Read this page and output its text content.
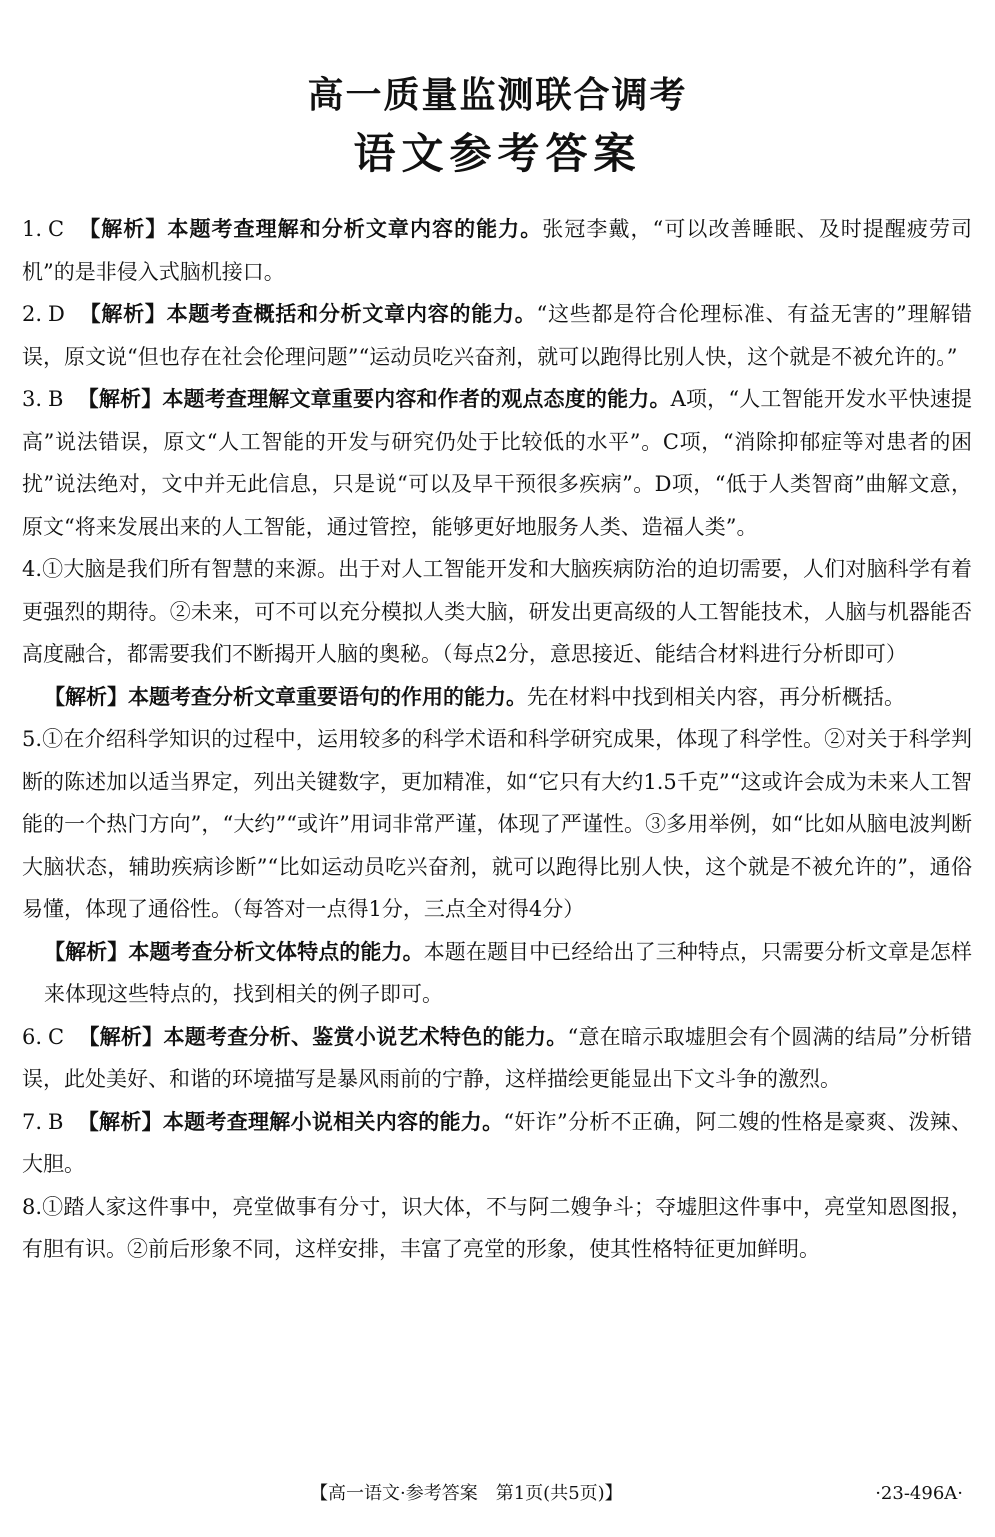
高一质量监测联合调考
语文参考答案
1. C 【解析】本题考查理解和分析文章内容的能力。张冠李戴，“可以改善睡眠、及时提醒疲劳司机”的是非侵入式脑机接口。
2. D 【解析】本题考查概括和分析文章内容的能力。“这些都是符合伦理标准、有益无害的”理解错误，原文说“但也存在社会伦理问题”“运动员吃兴奋剂，就可以跑得比别人快，这个就是不被允许的。”
3. B 【解析】本题考查理解文章重要内容和作者的观点态度的能力。A项，“人工智能开发水平快速提高”说法错误，原文“人工智能的开发与研究仍处于比较低的水平”。C项，“消除抑郁症等对患者的困扰”说法绝对，文中并无此信息，只是说“可以及早干预很多疾病”。D项，“低于人类智商”曲解文意，原文“将来发展出来的人工智能，通过管控，能够更好地服务人类、造福人类”。
4.①大脑是我们所有智慧的来源。出于对人工智能开发和大脑疾病防治的迫切需要，人们对脑科学有着更强烈的期待。②未来，可不可以充分模拟人类大脑，研发出更高级的人工智能技术，人脑与机器能否高度融合，都需要我们不断揭开人脑的奥秘。（每点2分，意思接近、能结合材料进行分析即可）
【解析】本题考查分析文章重要语句的作用的能力。先在材料中找到相关内容，再分析概括。
5.①在介绍科学知识的过程中，运用较多的科学术语和科学研究成果，体现了科学性。②对关于科学判断的陈述加以适当界定，列出关键数字，更加精准，如“它只有大约1.5千克”“这或许会成为未来人工智能的一个热门方向”，“大约”“或许”用词非常严谨，体现了严谨性。③多用举例，如“比如从脑电波判断大脑状态，辅助疾病诊断”“比如运动员吃兴奋剂，就可以跑得比别人快，这个就是不被允许的”，通俗易懂，体现了通俗性。（每答对一点得1分，三点全对得4分）
【解析】本题考查分析文体特点的能力。本题在题目中已经给出了三种特点，只需要分析文章是怎样来体现这些特点的，找到相关的例子即可。
6. C 【解析】本题考查分析、鉴赏小说艺术特色的能力。“意在暗示取墟胆会有个圆满的结局”分析错误，此处美好、和谐的环境描写是暴风雨前的宁静，这样描绘更能显出下文斗争的激烈。
7. B 【解析】本题考查理解小说相关内容的能力。“奸诈”分析不正确，阿二嫂的性格是豪爽、泼辣、大胆。
8.①踏人家这件事中，亮堂做事有分寸，识大体，不与阿二嫂争斗；夺墟胆这件事中，亮堂知恩图报，有胆有识。②前后形象不同，这样安排，丰富了亮堂的形象，使其性格特征更加鲜明。
【高一语文·参考答案　第1页(共5页)】	·23-496A·
